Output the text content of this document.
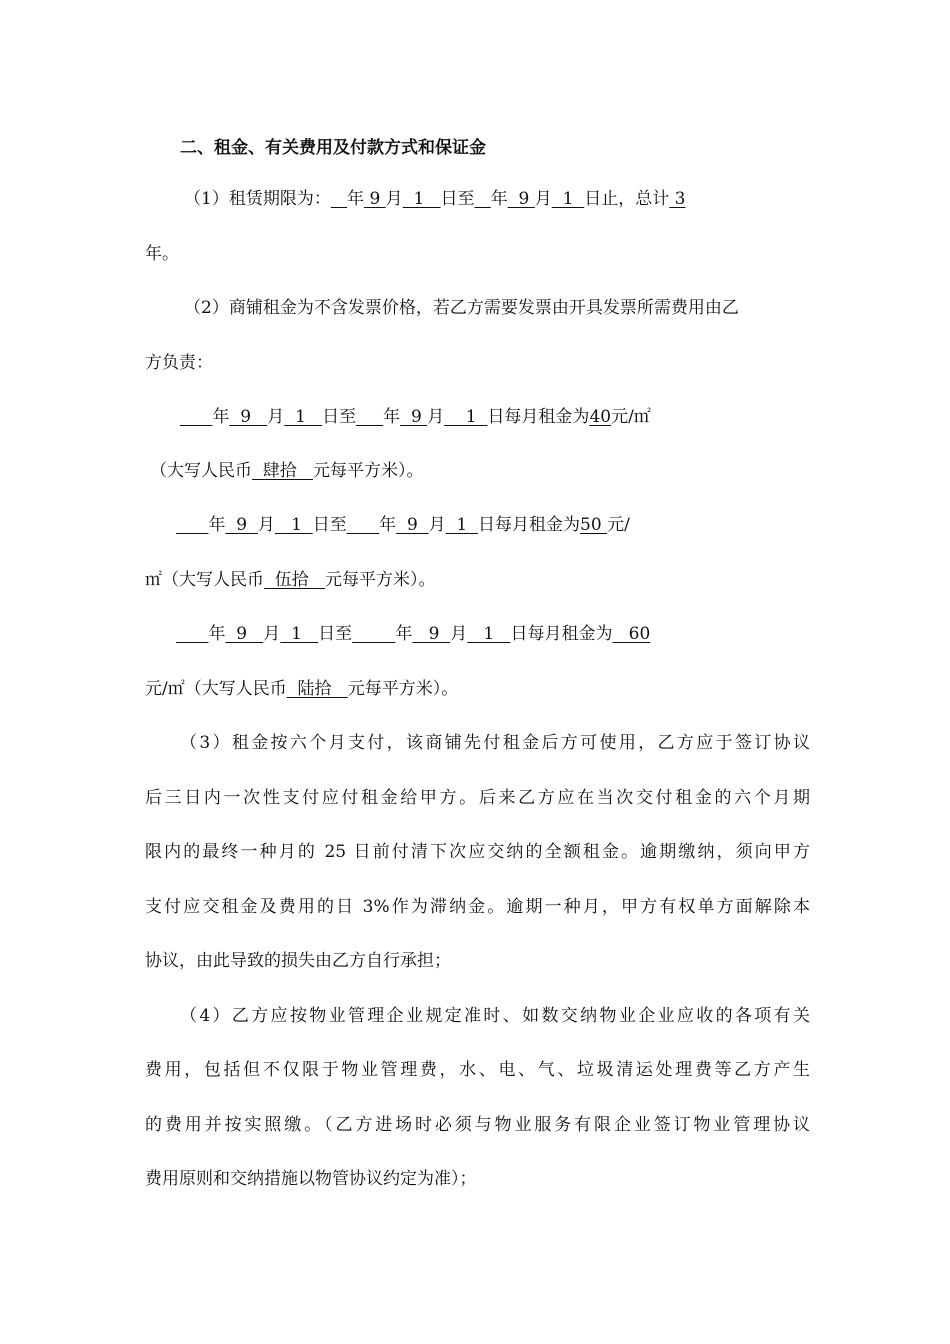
二、租金、有关费用及付款方式和保证金
（1）租赁期限为： 年 9 月  1   日至 年  9 月  1  日止，总计 3
年。
（2）商铺租金为不含发票价格，若乙方需要发票由开具发票所需费用由乙
方负责：
年  9   月  1   日至 年  9 月    1  日每月租金为40元/㎡
（大写人民币  肆拾   元每平方米）。
年  9  月   1  日至 年  9  月  1  日每月租金为50 元/
㎡（大写人民币  伍拾   元每平方米）。
年  9   月  1   日至	年   9  月   1   日每月租金为   60
元/㎡（大写人民币  陆拾   元每平方米）。
（3）租金按六个月支付，该商铺先付租金后方可使用，乙方应于签订协议
后三日内一次性支付应付租金给甲方。后来乙方应在当次交付租金的六个月期
限内的最终一种月的 25 日前付清下次应交纳的全额租金。逾期缴纳，须向甲方
支付应交租金及费用的日 3%作为滞纳金。逾期一种月，甲方有权单方面解除本
协议，由此导致的损失由乙方自行承担；
（4）乙方应按物业管理企业规定准时、如数交纳物业企业应收的各项有关
费用，包括但不仅限于物业管理费，水、电、气、垃圾清运处理费等乙方产生
的费用并按实照缴。（乙方进场时必须与物业服务有限企业签订物业管理协议
费用原则和交纳措施以物管协议约定为准）；
